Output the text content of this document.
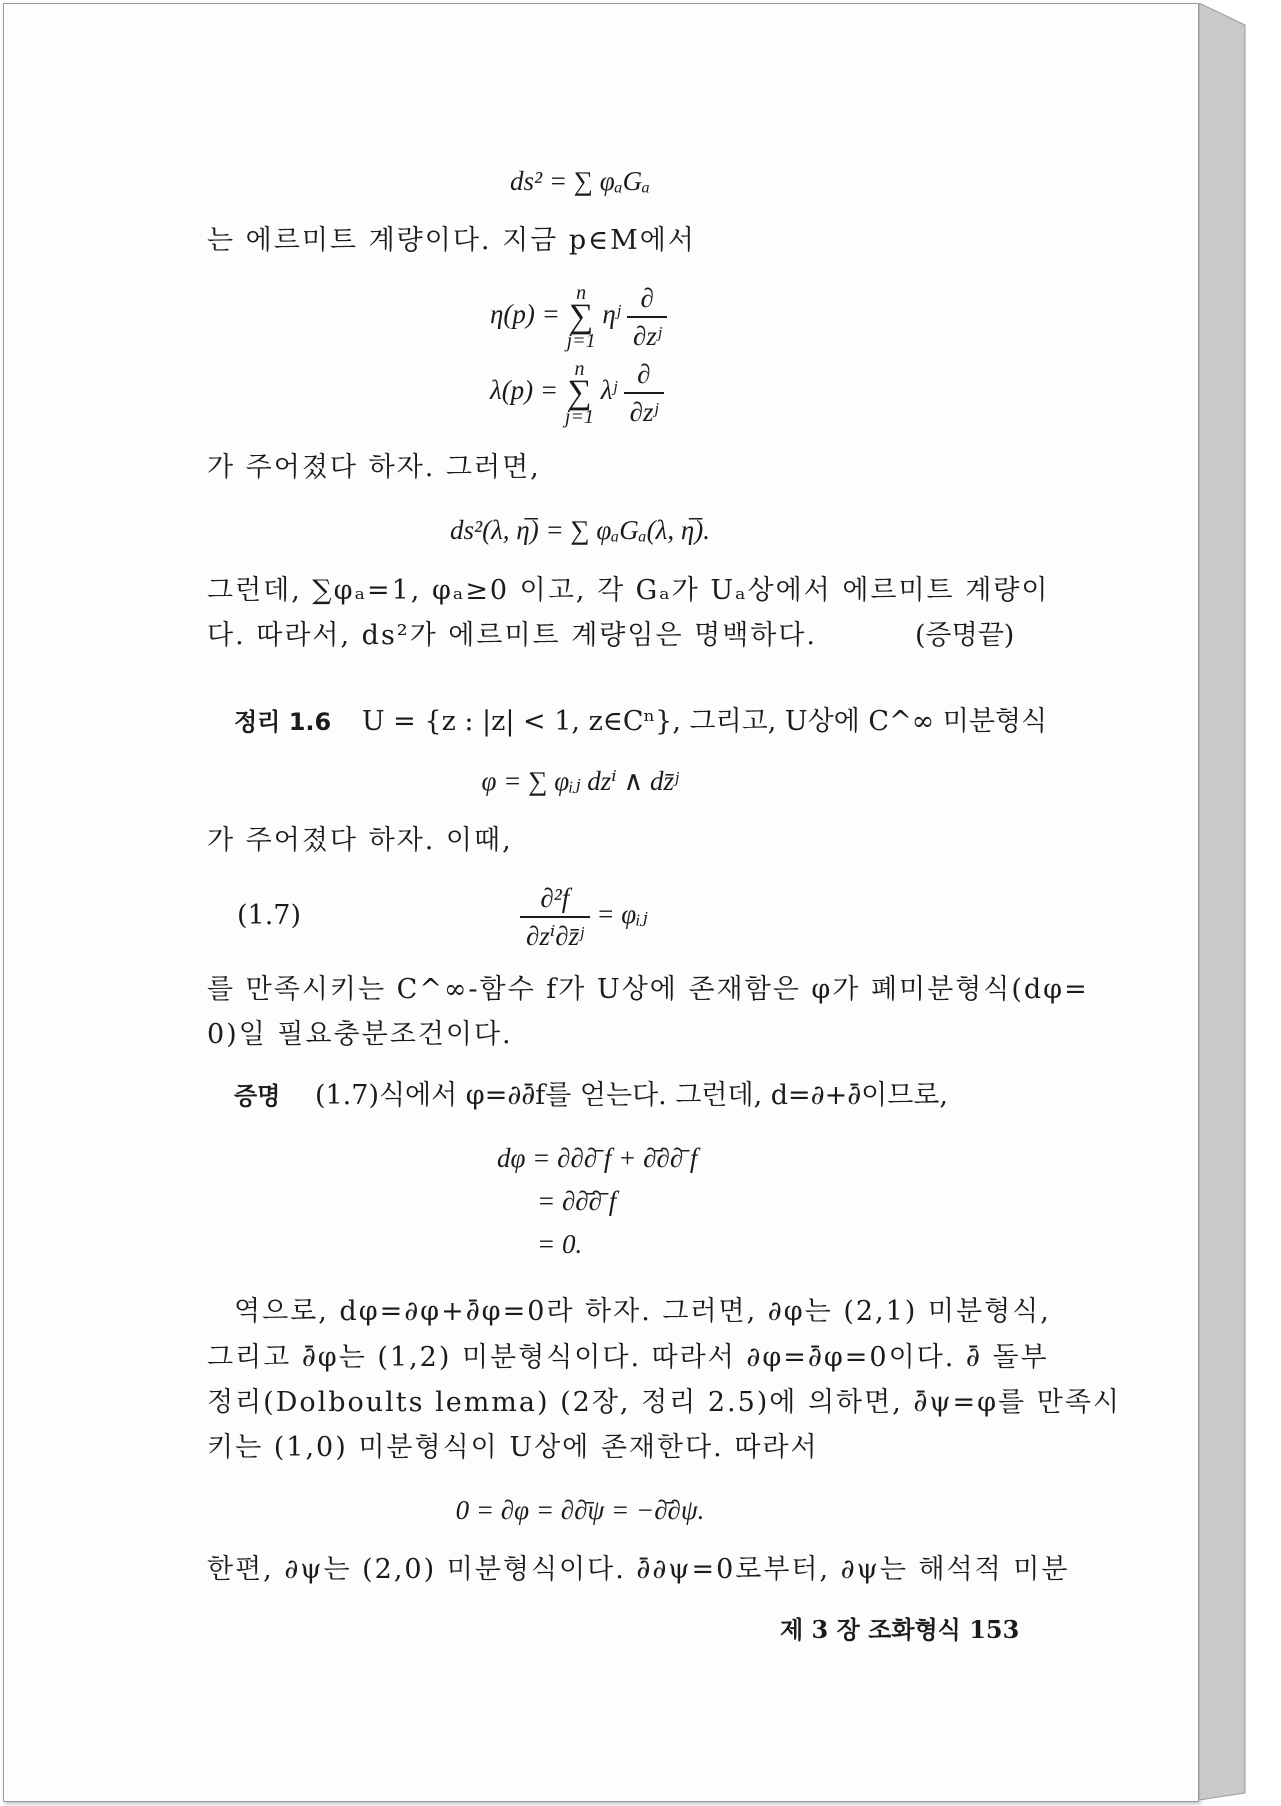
ds² = ∑ φₐGₐ
는 에르미트 계량이다. 지금 p∈M에서
η(p) = n
∑
j=1 ηʲ $\frac{\partial}{\text{∂zʲ}}$
λ(p) = n
∑
j=1 λʲ $\frac{\partial}{\text{∂zʲ}}$
가 주어졌다 하자. 그러면,
ds²(λ, η̅) = ∑ φₐGₐ(λ, η̅).
그런데, ∑φₐ=1, φₐ≥0 이고, 각 Gₐ가 Uₐ상에서 에르미트 계량이
다. 따라서, ds²가 에르미트 계량임은 명백하다.	(증명끝)
정리 1.6 U = {z : |z| < 1, z∈Cⁿ}, 그리고, U상에 C^∞ 미분형식
φ = ∑ φᵢⱼ dzⁱ ∧ dz̄ʲ
가 주어졌다 하자. 이때,
(1.7)	$\frac{\text{∂²f}}{\text{∂zⁱ∂z̄ʲ}}$ = φᵢⱼ
를 만족시키는 C^∞-함수 f가 U상에 존재함은 φ가 폐미분형식(dφ=
0)일 필요충분조건이다.
증명 (1.7)식에서 φ=∂∂̄f를 얻는다. 그런데, d=∂+∂̄이므로,
dφ = ∂∂∂̄ f + ∂̄∂∂̄ f
= ∂∂̄∂̄ f
= 0.
역으로, dφ=∂φ+∂̄φ=0라 하자. 그러면, ∂φ는 (2,1) 미분형식,
그리고 ∂̄φ는 (1,2) 미분형식이다. 따라서 ∂φ=∂̄φ=0이다. ∂̄ 돌부
정리(Dolboults lemma) (2장, 정리 2.5)에 의하면, ∂̄ψ=φ를 만족시
키는 (1,0) 미분형식이 U상에 존재한다. 따라서
0 = ∂φ = ∂∂̄ψ = −∂̄∂ψ.
한편, ∂ψ는 (2,0) 미분형식이다. ∂̄∂ψ=0로부터, ∂ψ는 해석적 미분
제 3 장 조화형식 153
